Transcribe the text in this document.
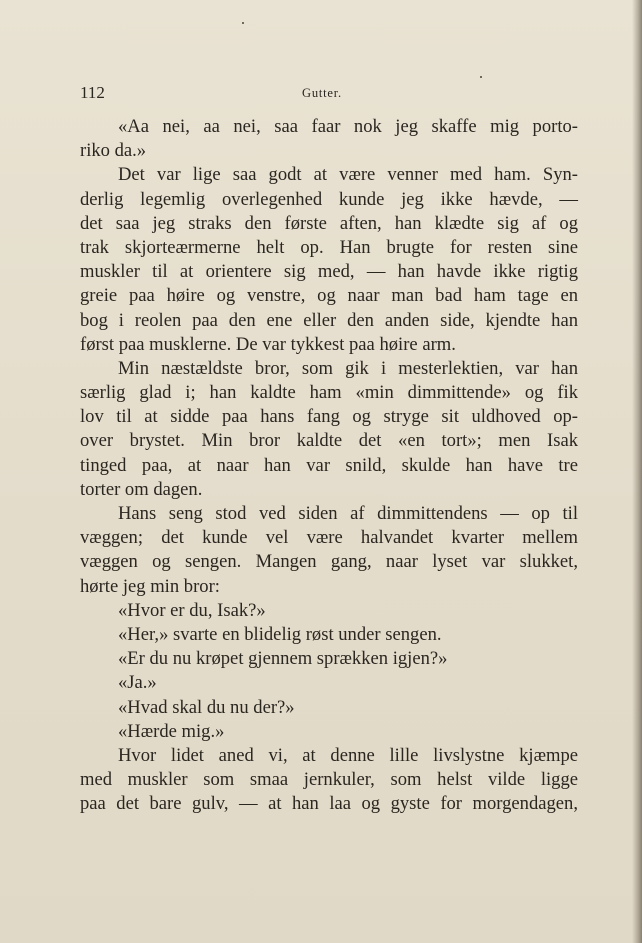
112	Gutter.
«Aa nei, aa nei, saa faar nok jeg skaffe mig porto-
riko da.»
Det var lige saa godt at være venner med ham. Syn-
derlig legemlig overlegenhed kunde jeg ikke hævde, —
det saa jeg straks den første aften, han klædte sig af og
trak skjorteærmerne helt op. Han brugte for resten sine
muskler til at orientere sig med, — han havde ikke rigtig
greie paa høire og venstre, og naar man bad ham tage en
bog i reolen paa den ene eller den anden side, kjendte han
først paa musklerne. De var tykkest paa høire arm.
Min næstældste bror, som gik i mesterlektien, var han
særlig glad i; han kaldte ham «min dimmittende» og fik
lov til at sidde paa hans fang og stryge sit uldhoved op-
over brystet. Min bror kaldte det «en tort»; men Isak
tinged paa, at naar han var snild, skulde han have tre
torter om dagen.
Hans seng stod ved siden af dimmittendens — op til
væggen; det kunde vel være halvandet kvarter mellem
væggen og sengen. Mangen gang, naar lyset var slukket,
hørte jeg min bror:
«Hvor er du, Isak?»
«Her,» svarte en blidelig røst under sengen.
«Er du nu krøpet gjennem sprækken igjen?»
«Ja.»
«Hvad skal du nu der?»
«Hærde mig.»
Hvor lidet aned vi, at denne lille livslystne kjæmpe
med muskler som smaa jernkuler, som helst vilde ligge
paa det bare gulv, — at han laa og gyste for morgendagen,
